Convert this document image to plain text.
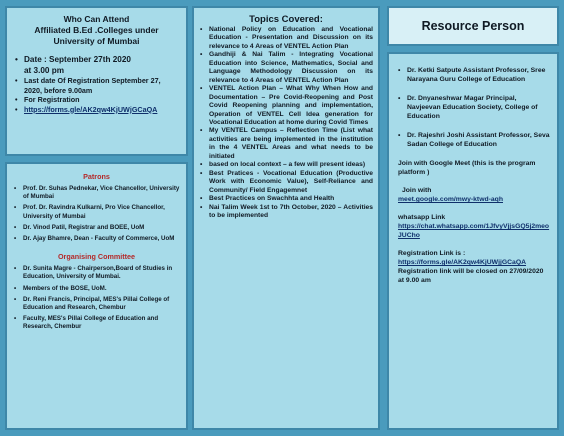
Who Can Attend
Affiliated B.Ed .Colleges under
University of Mumbai
• Date : September 27th 2020
at 3.00 pm
• Last date Of Registration September 27, 2020, before 9.00am
• For Registration
• https://forms.gle/AK2qw4KjUWjGCaQA
Patrons
• Prof. Dr. Suhas Pednekar, Vice Chancellor, University of Mumbai
• Prof. Dr. Ravindra Kulkarni, Pro Vice Chancellor, University of Mumbai
• Dr. Vinod Patil, Registrar and BOEE, UoM
• Dr. Ajay Bhamre, Dean - Faculty of Commerce, UoM
Organising Committee
• Dr. Sunita Magre - Chairperson,Board of Studies in Education, University of Mumbai.
• Members of the BOSE, UoM.
• Dr. Reni Francis, Principal, MES's Pillai College of Education and Research, Chembur
• Faculty, MES's Pillai College of Education and Research, Chembur
Topics Covered:
• National Policy on Education and Vocational Education - Presentation and Discussion on its relevance to 4 Areas of VENTEL Action Plan
• Gandhiji & Nai Talim - Integrating Vocational Education into Science, Mathematics, Social and Language Methodology Discussion on its relevance to 4 Areas of VENTEL Action Plan
• VENTEL Action Plan – What Why When How and Documentation – Pre Covid-Reopening and Post Covid Reopening planning and implementation, Operation of VENTEL Cell Idea generation for Vocational Education at home during Covid Times
• My VENTEL Campus – Reflection Time (List what activities are being implemented in the institution in the 4 VENTEL Areas and what needs to be initiated
• based on local context – a few will present ideas)
• Best Pratices - Vocational Education (Productive Work with Economic Value), Self-Reliance and Community/ Field Engagemnet
• Best Practices on Swachhta and Health
• Nai Talim Week 1st to 7th October, 2020 – Activities to be implemented
Resource Person
• Dr. Ketki Satpute Assistant Professor, Sree Narayana Guru College of Education
• Dr. Dnyaneshwar Magar Principal, Navjeevan Education Society, College of Education
• Dr. Rajeshri Joshi Assistant Professor, Seva Sadan College of Education
Join with Google Meet (this is the program platform )
Join with
meet.google.com/mwy-ktwd-aqh
whatsapp Link
https://chat.whatsapp.com/1JfvyVjjsGQ5j2meoJUCho
Registration Link is :
https://forms.gle/AK2qw4KjUWjjGCaQA
Registration link will be closed on 27/09/2020 at 9.00 am
